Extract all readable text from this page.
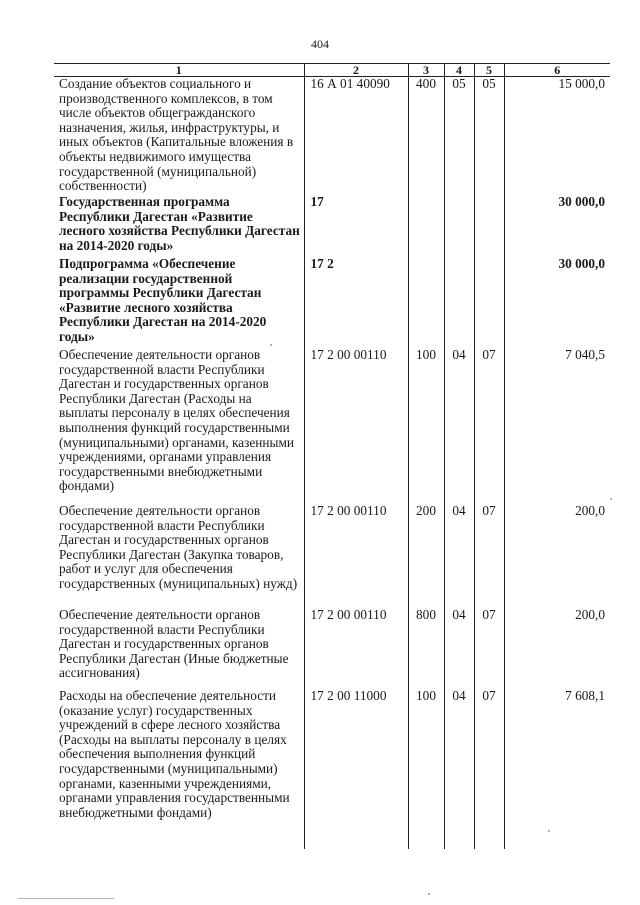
404
1	2	3	4	5	6
Создание объектов социального и производственного комплексов, в том числе объектов общегражданского назначения, жилья, инфраструктуры, и иных объектов (Капитальные вложения в объекты недвижимого имущества государственной (муниципальной) собственности)	16 А 01 40090	400	05	05	15 000,0
Государственная программа Республики Дагестан «Развитие лесного хозяйства Республики Дагестан на 2014-2020 годы»	17				30 000,0
Подпрограмма «Обеспечение реализации государственной программы Республики Дагестан «Развитие лесного хозяйства Республики Дагестан на 2014-2020 годы»	17 2				30 000,0
Обеспечение деятельности органов государственной власти Республики Дагестан и государственных органов Республики Дагестан (Расходы на выплаты персоналу в целях обеспечения выполнения функций государственными (муниципальными) органами, казенными учреждениями, органами управления государственными внебюджетными фондами)	17 2 00 00110	100	04	07	7 040,5
Обеспечение деятельности органов государственной власти Республики Дагестан и государственных органов Республики Дагестан (Закупка товаров, работ и услуг для обеспечения государственных (муниципальных) нужд)	17 2 00 00110	200	04	07	200,0
Обеспечение деятельности органов государственной власти Республики Дагестан и государственных органов Республики Дагестан (Иные бюджетные ассигнования)	17 2 00 00110	800	04	07	200,0
Расходы на обеспечение деятельности (оказание услуг) государственных учреждений в сфере лесного хозяйства (Расходы на выплаты персоналу в целях обеспечения выполнения функций государственными (муниципальными) органами, казенными учреждениями, органами управления государственными внебюджетными фондами)	17 2 00 11000	100	04	07	7 608,1
